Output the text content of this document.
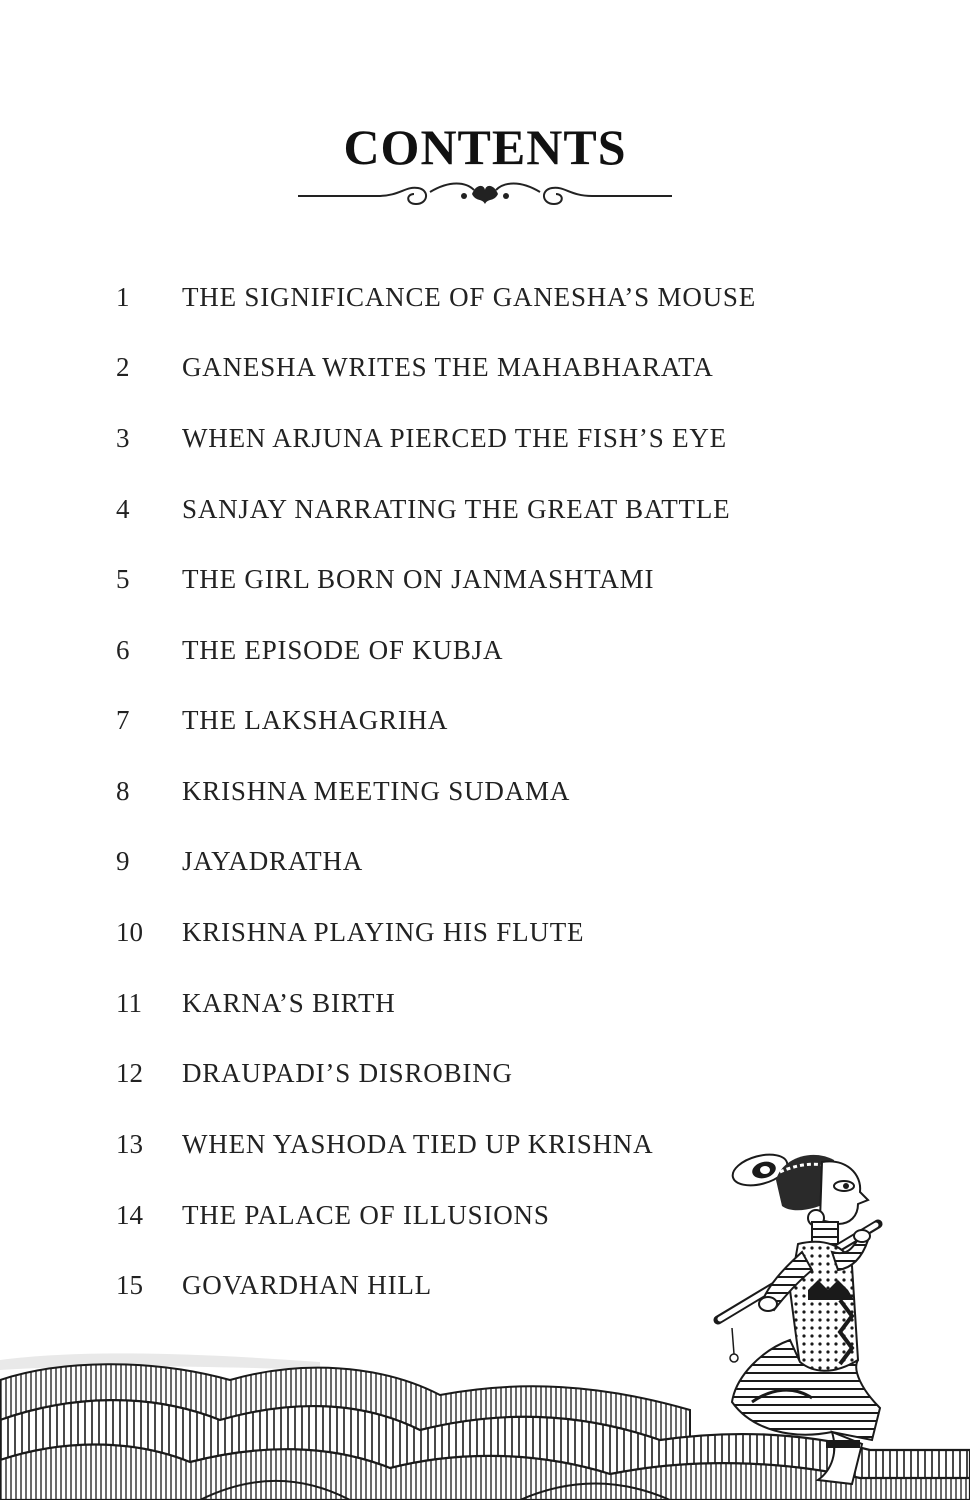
CONTENTS
1	THE SIGNIFICANCE OF GANESHA’S MOUSE
2	GANESHA WRITES THE MAHABHARATA
3	WHEN ARJUNA PIERCED THE FISH’S EYE
4	SANJAY NARRATING THE GREAT BATTLE
5	THE GIRL BORN ON JANMASHTAMI
6	THE EPISODE OF KUBJA
7	THE LAKSHAGRIHA
8	KRISHNA MEETING SUDAMA
9	JAYADRATHA
10	KRISHNA PLAYING HIS FLUTE
11	KARNA’S BIRTH
12	DRAUPADI’S DISROBING
13	WHEN YASHODA TIED UP KRISHNA
14	THE PALACE OF ILLUSIONS
15	GOVARDHAN HILL
